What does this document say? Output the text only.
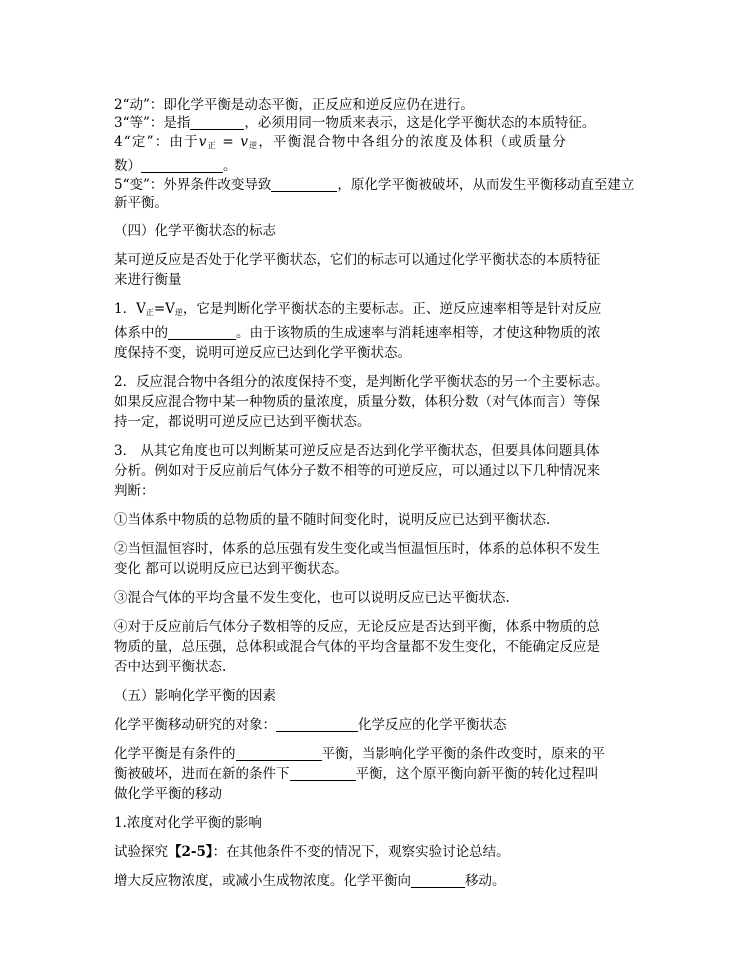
2“动”：即化学平衡是动态平衡，正反应和逆反应仍在进行。

3“等”：是指	，必须用同一物质来表示，这是化学平衡状态的本质特征。

4“定”：由于$v_正 = v_逆$，平衡混合物中各组分的浓度及体积（或质量分

数）	。

5“变”：外界条件改变导致	，原化学平衡被破坏，从而发生平衡移动直至建立

新平衡。

（四）化学平衡状态的标志

某可逆反应是否处于化学平衡状态，它们的标志可以通过化学平衡状态的本质特征

来进行衡量

1．$V_正=V_逆$，它是判断化学平衡状态的主要标志。正、逆反应速率相等是针对反应

体系中的	。由于该物质的生成速率与消耗速率相等，才使这种物质的浓

度保持不变，说明可逆反应已达到化学平衡状态。

2．反应混合物中各组分的浓度保持不变，是判断化学平衡状态的另一个主要标志。

如果反应混合物中某一种物质的量浓度，质量分数，体积分数（对气体而言）等保

持一定，都说明可逆反应已达到平衡状态。

3． 从其它角度也可以判断某可逆反应是否达到化学平衡状态，但要具体问题具体

分析。例如对于反应前后气体分子数不相等的可逆反应，可以通过以下几种情况来

判断：

①当体系中物质的总物质的量不随时间变化时，说明反应已达到平衡状态.

②当恒温恒容时，体系的总压强有发生变化或当恒温恒压时，体系的总体积不发生

变化 都可以说明反应已达到平衡状态。

③混合气体的平均含量不发生变化，也可以说明反应已达平衡状态.

④对于反应前后气体分子数相等的反应，无论反应是否达到平衡，体系中物质的总

物质的量，总压强，总体积或混合气体的平均含量都不发生变化，不能确定反应是

否中达到平衡状态.

（五）影响化学平衡的因素

化学平衡移动研究的对象：	化学反应的化学平衡状态

化学平衡是有条件的	平衡，当影响化学平衡的条件改变时，原来的平

衡被破坏，进而在新的条件下	平衡，这个原平衡向新平衡的转化过程叫

做化学平衡的移动

1.浓度对化学平衡的影响

试验探究【2-5】：在其他条件不变的情况下，观察实验讨论总结。

增大反应物浓度，或减小生成物浓度。化学平衡向	移动。
